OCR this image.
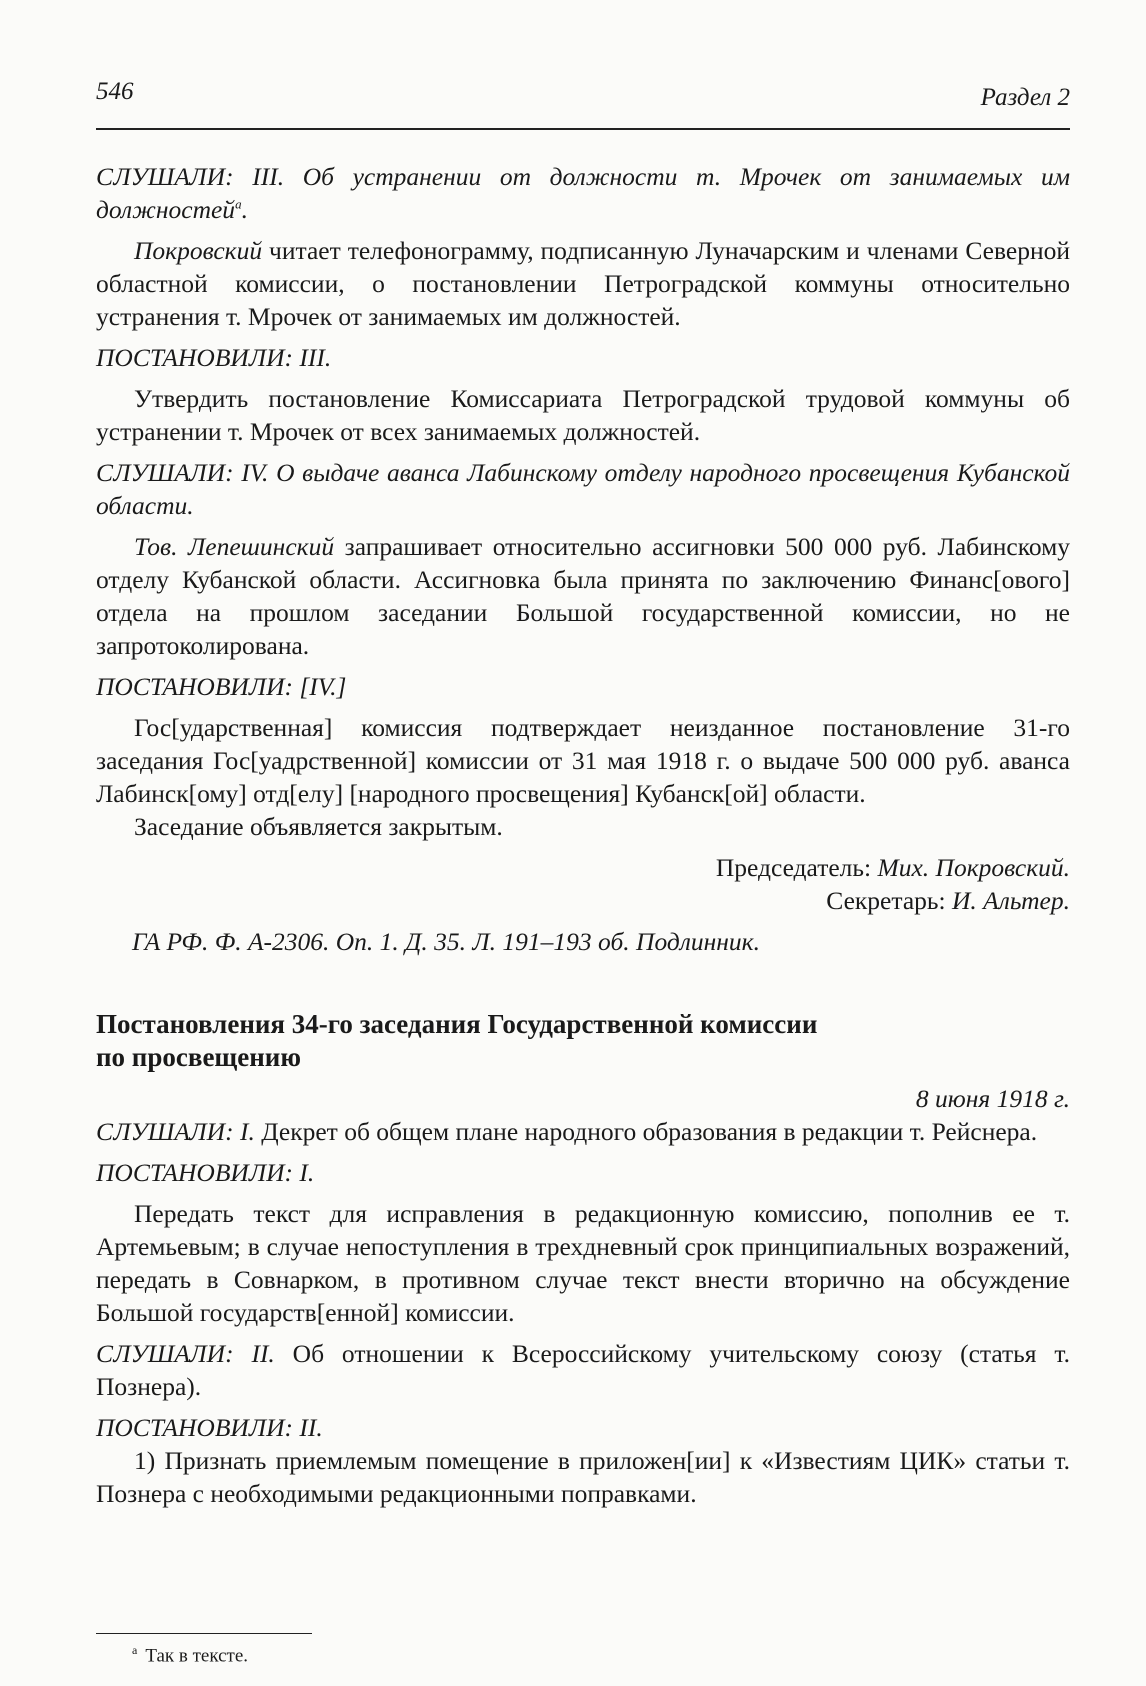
546	Раздел 2

СЛУШАЛИ: III. Об устранении от должности т. Мрочек от занимаемых им должностей$^а$.

Покровский читает телефонограмму, подписанную Луначарским и членами Северной областной комиссии, о постановлении Петроградской коммуны относительно устранения т. Мрочек от занимаемых им должностей.

ПОСТАНОВИЛИ: III.

Утвердить постановление Комиссариата Петроградской трудовой коммуны об устранении т. Мрочек от всех занимаемых должностей.

СЛУШАЛИ: IV. О выдаче аванса Лабинскому отделу народного просвещения Кубанской области.

Тов. Лепешинский запрашивает относительно ассигновки 500 000 руб. Лабинскому отделу Кубанской области. Ассигновка была принята по заключению Финанс[ового] отдела на прошлом заседании Большой государственной комиссии, но не запротоколирована.

ПОСТАНОВИЛИ: [IV.]

Гос[ударственная] комиссия подтверждает неизданное постановление 31-го заседания Гос[уадрственной] комиссии от 31 мая 1918 г. о выдаче 500 000 руб. аванса Лабинск[ому] отд[елу] [народного просвещения] Кубанск[ой] области.

Заседание объявляется закрытым.

Председатель: Мих. Покровский.

Секретарь: И. Альтер.

ГА РФ. Ф. А-2306. Оп. 1. Д. 35. Л. 191–193 об. Подлинник.

Постановления 34-го заседания Государственной комиссии
по просвещению

8 июня 1918 г.

СЛУШАЛИ: I. Декрет об общем плане народного образования в редакции т. Рейснера.

ПОСТАНОВИЛИ: I.

Передать текст для исправления в редакционную комиссию, пополнив ее т. Артемьевым; в случае непоступления в трехдневный срок принципиальных возражений, передать в Совнарком, в противном случае текст внести вторично на обсуждение Большой государств[енной] комиссии.

СЛУШАЛИ: II. Об отношении к Всероссийскому учительскому союзу (статья т. Познера).

ПОСТАНОВИЛИ: II.

1) Признать приемлемым помещение в приложен[ии] к «Известиям ЦИК» статьи т. Познера с необходимыми редакционными поправками.

$^а$ Так в тексте.
